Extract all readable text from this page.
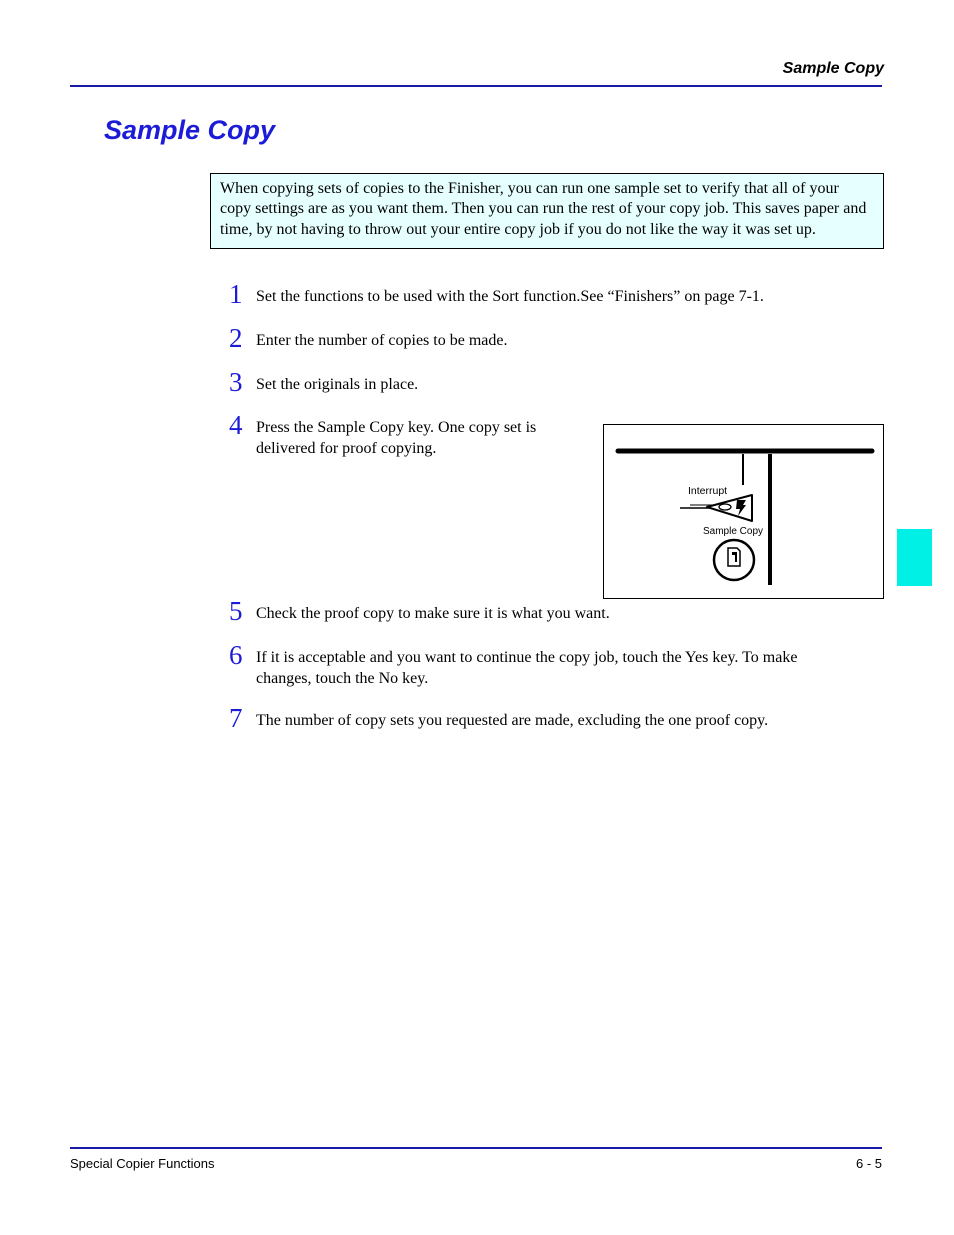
Sample Copy
Sample Copy
When copying sets of copies to the Finisher, you can run one sample set to verify that all of your copy settings are as you want them. Then you can run the rest of your copy job. This saves paper and time, by not having to throw out your entire copy job if you do not like the way it was set up.
1 Set the functions to be used with the Sort function.See “Finishers” on page 7-1.
2 Enter the number of copies to be made.
3 Set the originals in place.
4 Press the Sample Copy key. One copy set is delivered for proof copying.
Interrupt
Sample Copy
5 Check the proof copy to make sure it is what you want.
6 If it is acceptable and you want to continue the copy job, touch the Yes key. To make changes, touch the No key.
7 The number of copy sets you requested are made, excluding the one proof copy.
Special Copier Functions	6 - 5
